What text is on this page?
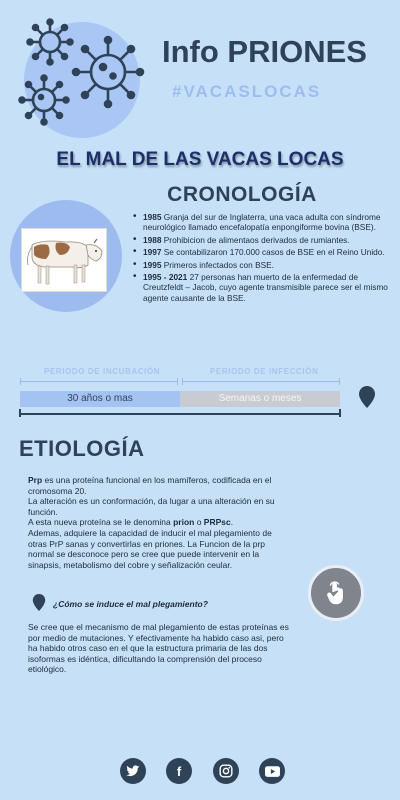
Info PRIONES
#VACASLOCAS
EL MAL DE LAS VACAS LOCAS
CRONOLOGÍA
• 1985 Granja del sur de Inglaterra, una vaca adulta con síndrome neurológico llamado encefalopatía enpongiforme bovina (BSE).
• 1988 Prohibicion de alimentaos derivados de rumiantes.
• 1997 Se contabilizaron 170.000 casos de BSE en el Reino Unido.
• 1995 Primeros infectados con BSE.
• 1995 - 2021 27 personas han muerto de la enfermedad de Creutzfeldt – Jacob, cuyo agente transmisible parece ser el mismo agente causante de la BSE.
PERIODO DE INCUBACIÓN	PERIODO DE INFECCIÓN
30 años o mas	Semanas o meses
ETIOLOGÍA
Prp es una proteína funcional en los mamíferos, codificada en el cromosoma 20.
La alteración es un conformación, da lugar a una alteración en su función.
A esta nueva proteína se le denomina prion o PRPsc.
Ademas, adquiere la capacidad de inducir el mal plegamiento de otras PrP sanas y convertirlas en priones. La Funcion de la prp normal se desconoce pero se cree que puede intervenir en la sinapsis, metabolismo del cobre y señalización ceular.
¿Cómo se induce el mal plegamiento?
Se cree que el mecanismo de mal plegamiento de estas proteínas es por medio de mutaciones. Y efectivamente ha habido caso asi, pero ha habido otros caso en el que la estructura primaria de las dos isoformas es idéntica, dificultando la comprensión del proceso etiológico.
f
